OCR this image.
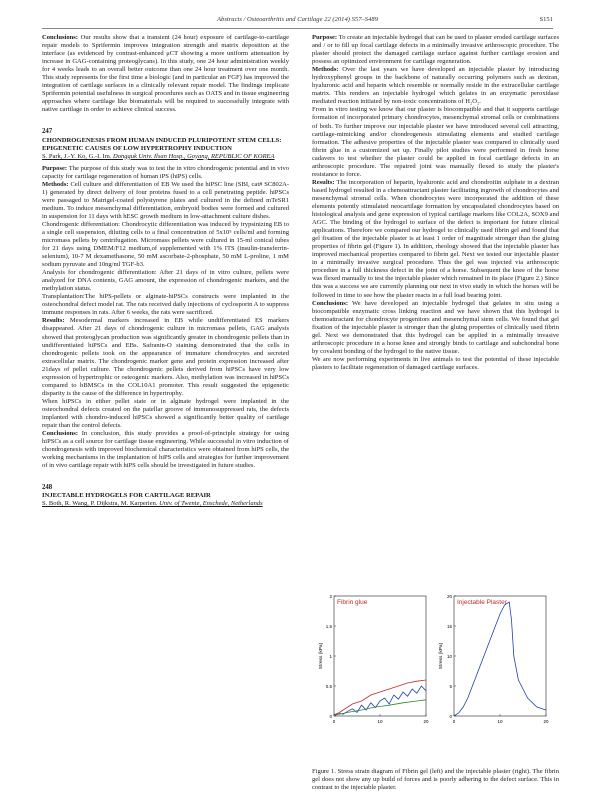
Abstracts / Osteoarthritis and Cartilage 22 (2014) S57–S489	S151

Conclusions: Our results show that a transient (24 hour) exposure of cartilage-to-cartilage repair models to Sprifermin improves integration strength and matrix deposition at the interface (as evidenced by contrast-enhanced μCT showing a more uniform attenuation by increase in GAG-containing proteoglycans). In this study, one 24 hour administration weekly for 4 weeks leads to an overall better outcome than one 24 hour treatment over one month. This study represents for the first time a biologic (and in particular an FGF) has improved the integration of cartilage surfaces in a clinically relevant repair model. The findings implicate Sprifermin potential usefulness in surgical procedures such as OATS and in tissue engineering approaches where cartilage like biomaterials will be required to successfully integrate with native cartilage in order to achieve clinical success.

247
CHONDROGENESIS FROM HUMAN INDUCED PLURIPOTENT STEM CELLS: EPIGENETIC CAUSES OF LOW HYPERTROPHY INDUCTION
S. Park, J.-Y. Ko, G.-I. Im. Dongguk Univ. Ilsan Hosp., Goyang, REPUBLIC OF KOREA

Purpose: The purpose of this study was to test the in vitro chondrogenic potential and in vivo capacity for cartilage regeneration of human iPS (hiPS) cells.

Methods: Cell culture and differentiation of EB We used the hiPSC line (SBI, cat# SC802A-1) generated by direct delivery of four proteins fused to a cell penetrating peptide. hiPSCs were passaged to Matrigel-coated polystyrene plates and cultured in the defined mTeSR1 medium. To induce mesenchymal differentiation, embryoid bodies were formed and cultured in suspension for 11 days with hESC growth medium in low-attachment culture dishes.

Chondrogenic differentiation: Chondrocytic differentiation was induced by trypsinizing EB to a single cell suspension, diluting cells to a final concentration of 5x10⁵ cells/ml and forming micromass pellets by centrifugation. Micromass pellets were cultured in 15-ml conical tubes for 21 days using DMEM/F12 medium,of supplemented with 1% ITS (insulin-transferrin-selenium), 10-7 M dexamethasone, 50 mM ascorbate-2-phosphate, 50 mM L-proline, 1 mM sodium pyruvate and 10ng/ml TGF-b3.

Analysis for chondrogenic differentiation: After 21 days of in vitro culture, pellets were analyzed for DNA contents, GAG amount, the expression of chondrogenic markers, and the methylation status.

Transplantation:The hiPS-pellets or alginate-hiPSCs constructs were implanted in the osteochondral defect model rat. The rats received daily injections of cyclosporin A to suppress immune responses in rats. After 6 weeks, the rats were sacrificed.

Results: Mesodermal markers increased in EB while undifferentiated ES markers disappeared. After 21 days of chondrogenic culture in micromass pellets, GAG analysis showed that proteoglycan production was significantly greater in chondrogenic pellets than in undifferentiated hiPSCs and EBs. Safranin-O staining demonstrated that the cells in chondrogenic pellets took on the appearance of immature chondrocytes and secreted extracellular matrix. The chondrogenic marker gene and protein expression increased after 21days of pellet culture. The chondrogenic pellets derived from hiPSCs have very low expression of hypertrophic or osteogenic markers. Also, methylation was increased in hiPSCs compared to hBMSCs in the COL10A1 promoter. This result suggested the epigenetic disparity is the cause of the difference in hypertrophy.

When hiPSCs in either pellet state or in alginate hydrogel were implanted in the osteochondral defects created on the patellar groove of immunosuppressed rats, the defects implanted with chondro-induced hiPSCs showed a significantly better quality of cartilage repair than the control defects.

Conclusions: In conclusion, this study provides a proof-of-principle strategy for using hiPSCs as a cell source for cartilage tissue engineering. While successful in vitro induction of chondrogenesis with improved biochemical characteristics were obtained from hiPS cells, the working mechanisms in the implantation of hiPS cells and strategies for further improvement of in vivo cartilage repair with hiPS cells should be investigated in future studies.

248
INJECTABLE HYDROGELS FOR CARTILAGE REPAIR
S. Both, R. Wang, P. Dijkstra, M. Karperien. Univ. of Twente, Enschede, Netherlands

Purpose: To create an injectable hydrogel that can be used to plaster eroded cartilage surfaces and / or to fill up focal cartilage defects in a minimally invasive arthroscopic procedure. The plaster should protect the damaged cartilage surface against further cartilage erosion and possess an optimized environment for cartilage regeneration.

Methods: Over the last years we have developed an injectable plaster by introducing hydroxyphenyl groups in the backbone of naturally occurring polymers such as dextran, hyaluronic acid and heparin which resemble or normally reside in the extracellular cartilage matrix. This renders an injectable hydrogel which gelates in an enzymatic peroxidase mediated reaction initiated by non-toxic concentrations of H₂O₂.

From in vitro testing we know that our plaster is biocompatible and that it supports cartilage formation of incorporated primary chondrocytes, mesenchymal stromal cells or combinations of both. To further improve our injectable plaster we have introduced several cell attracting, cartilage-mimicking and/or chondrogenesis stimulating elements and studied cartilage formation. The adhesive properties of the injectable plaster was compared to clinically used fibrin glue in a customized set up. Finally pilot studies were performed in fresh horse cadavers to test whether the plaster could be applied in focal cartilage defects in an arthroscopic procedure. The repaired joint was manually flexed to study the plaster's resistance to force.

Results: The incorporation of heparin, hyaluronic acid and chondroitin sulphate in a dextran based hydrogel resulted in a chemoattractant plaster facilitating ingrowth of chondrocytes and mesenchymal stromal cells. When chondrocytes were incorporated the addition of these elements potently stimulated neocartilage formation by encapsulated chondrocytes based on histological analysis and gene expression of typical cartilage markers like COL2A, SOX9 and AGC. The binding of the hydrogel to surface of the defect is important for future clinical applications. Therefore we compared our hydrogel to clinically used fibrin gel and found that gel fixation of the injectable plaster is at least 1 order of magnitude stronger than the gluing properties of fibrin gel (Figure 1). In addition, rheology showed that the injectable plaster has improved mechanical properties compared to fibrin gel. Next we tested our injectable plaster in a minimally invasive surgical procedure. Thus the gel was injected via arthroscopic procedure in a full thickness defect in the joint of a horse. Subsequent the knee of the horse was flexed manually to test the injectable plaster which remained in its place (Figure 2.) Since this was a success we are currently planning our next in vivo study in which the horses will be followed in time to see how the plaster reacts in a full load bearing joint.

Conclusions: We have developed an injectable hydrogel that gelates in situ using a biocompatible enzymatic cross linking reaction and we have shown that this hydrogel is chemoattractant for chondrocyte progenitors and mesenchymal stem cells. We found that gel fixation of the injectable plaster is stronger than the gluing properties of clinically used fibrin gel. Next we demonstrated that this hydrogel can be applied in a minimally invasive arthroscopic procedure in a horse knee and strongly binds to cartilage and subchondral bone by covalent bonding of the hydrogel to the native tissue.

We are now performing experiments in live animals to test the potential of these injectable plasters to facilitate regeneration of damaged cartilage surfaces.

Fibrin glue
0
0.5
1
1.5
2
0	10	20
Stress (kPa)
Injectable Plaster
0
5
10
15
20
0	10	20
Stress (kPa)
Figure 1. Stress strain diagram of Fibrin gel (left) and the injectable plaster (right). The fibrin gel does not show any up build of forces and is poorly adhering to the defect surface. This in contrast to the injectable plaster.
